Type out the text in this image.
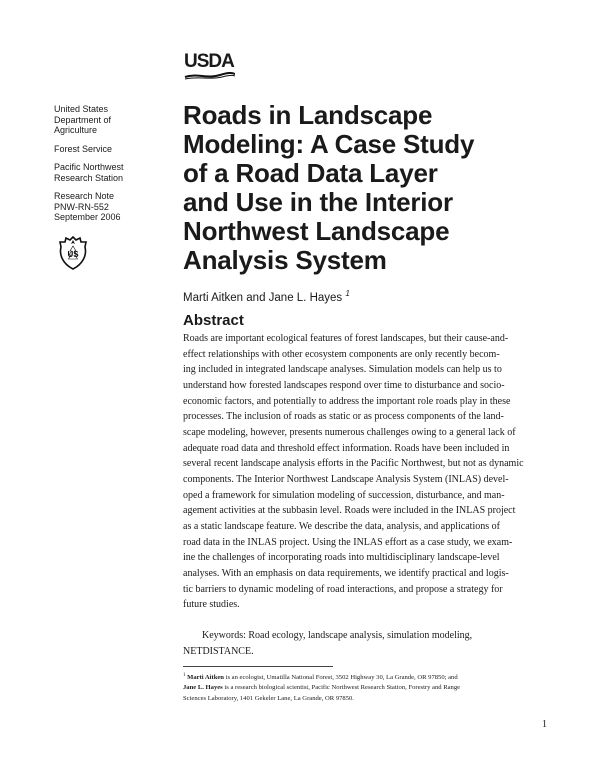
USDA
United States
Department of
Agriculture
Forest Service
Pacific Northwest
Research Station
Research Note
PNW-RN-552
September 2006
US
Roads in Landscape
Modeling: A Case Study
of a Road Data Layer
and Use in the Interior
Northwest Landscape
Analysis System
Marti Aitken and Jane L. Hayes $^1$
Abstract
Roads are important ecological features of forest landscapes, but their cause-and-
effect relationships with other ecosystem components are only recently becom-
ing included in integrated landscape analyses. Simulation models can help us to
understand how forested landscapes respond over time to disturbance and socio-
economic factors, and potentially to address the important role roads play in these
processes. The inclusion of roads as static or as process components of the land-
scape modeling, however, presents numerous challenges owing to a general lack of
adequate road data and threshold effect information. Roads have been included in
several recent landscape analysis efforts in the Pacific Northwest, but not as dynamic
components. The Interior Northwest Landscape Analysis System (INLAS) devel-
oped a framework for simulation modeling of succession, disturbance, and man-
agement activities at the subbasin level. Roads were included in the INLAS project
as a static landscape feature. We describe the data, analysis, and applications of
road data in the INLAS project. Using the INLAS effort as a case study, we exam-
ine the challenges of incorporating roads into multidisciplinary landscape-level
analyses. With an emphasis on data requirements, we identify practical and logis-
tic barriers to dynamic modeling of road interactions, and propose a strategy for
future studies.
Keywords: Road ecology, landscape analysis, simulation modeling,
NETDISTANCE.
$^1$ Marti Aitken is an ecologist, Umatilla National Forest, 3502 Highway 30, La Grande, OR 97850; and
Jane L. Hayes is a research biological scientist, Pacific Northwest Research Station, Forestry and Range
Sciences Laboratory, 1401 Gekeler Lane, La Grande, OR 97850.
1
